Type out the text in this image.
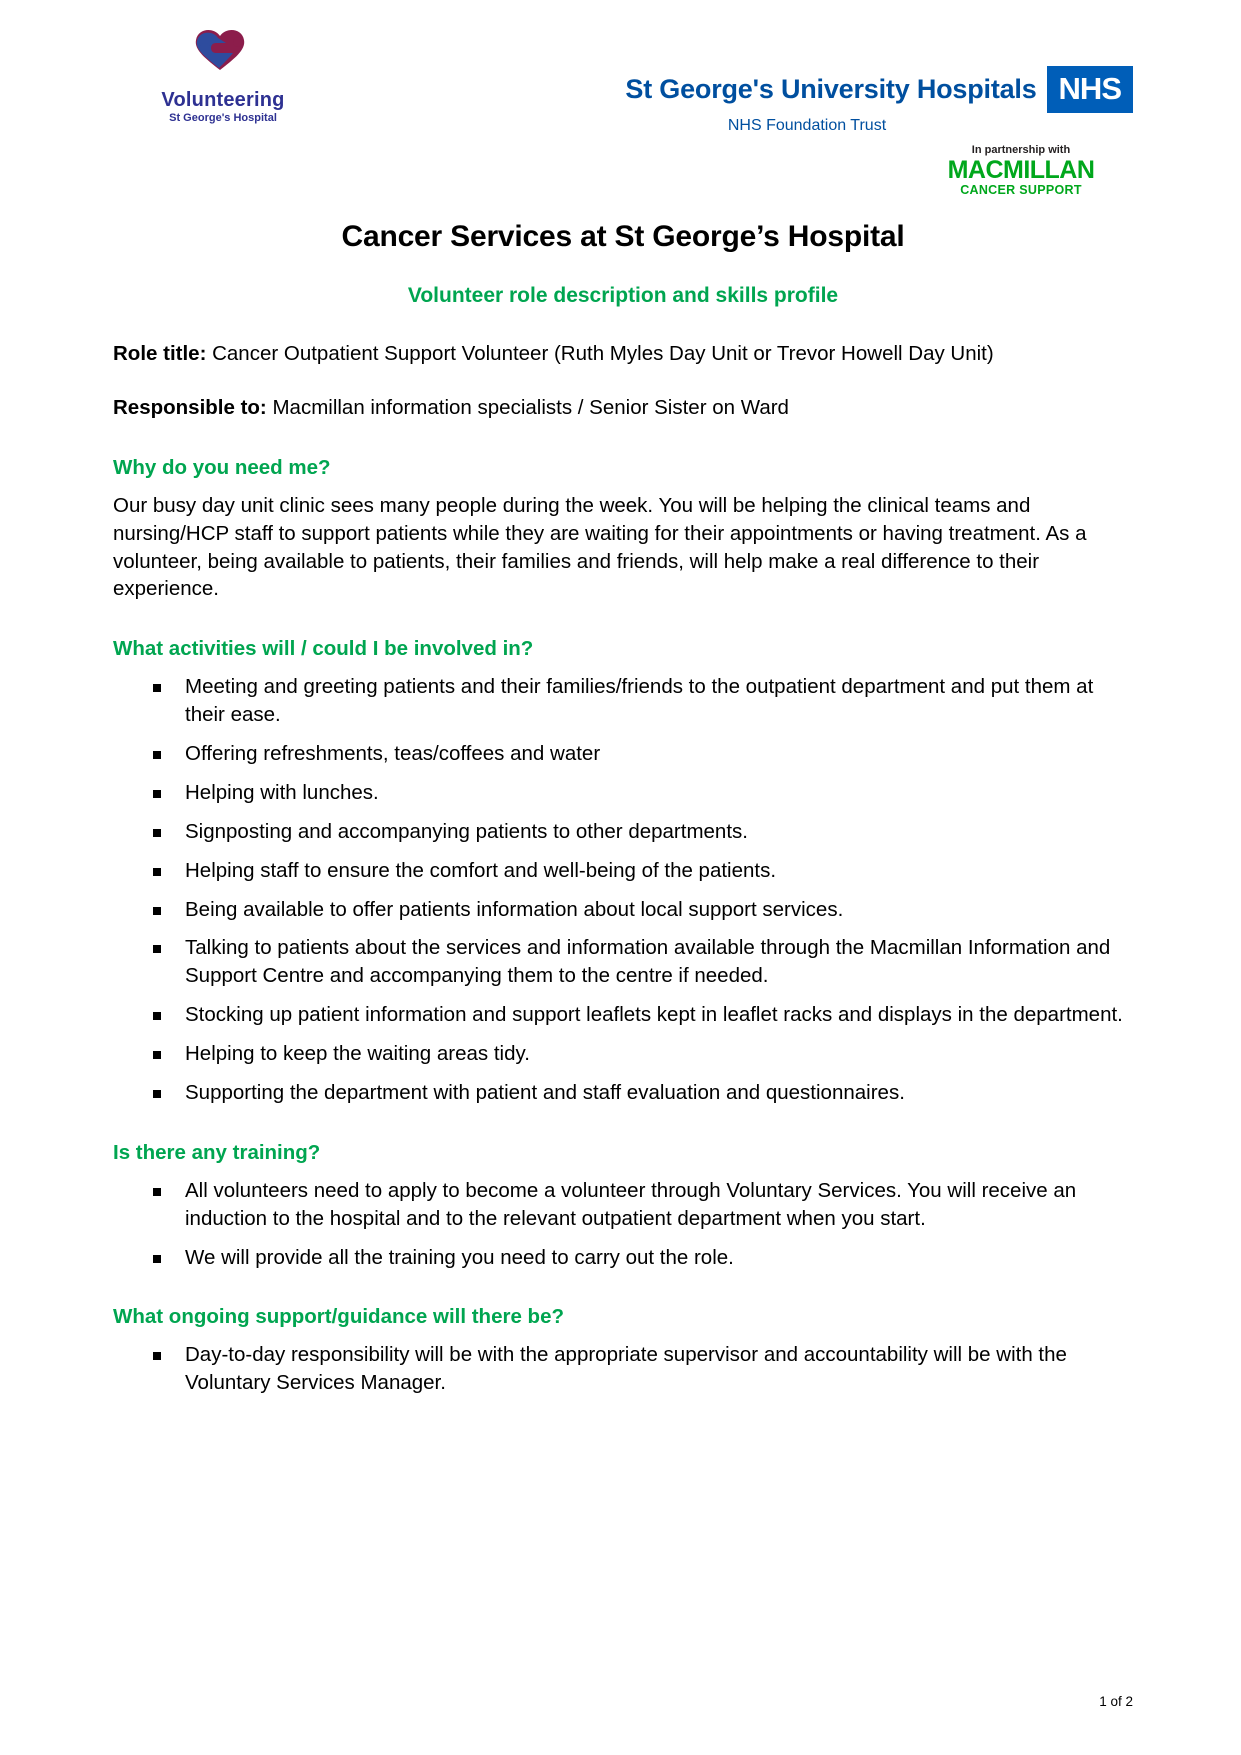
Volunteering
St George's Hospital
St George's University Hospitals NHS
NHS Foundation Trust
In partnership with
MACMILLAN
CANCER SUPPORT
Cancer Services at St George’s Hospital
Volunteer role description and skills profile
Role title: Cancer Outpatient Support Volunteer (Ruth Myles Day Unit or Trevor Howell Day Unit)
Responsible to: Macmillan information specialists / Senior Sister on Ward
Why do you need me?

Our busy day unit clinic sees many people during the week. You will be helping the clinical teams and nursing/HCP staff to support patients while they are waiting for their appointments or having treatment. As a volunteer, being available to patients, their families and friends, will help make a real difference to their experience.

What activities will / could I be involved in?
Meeting and greeting patients and their families/friends to the outpatient department and put them at their ease.
Offering refreshments, teas/coffees and water
Helping with lunches.
Signposting and accompanying patients to other departments.
Helping staff to ensure the comfort and well-being of the patients.
Being available to offer patients information about local support services.
Talking to patients about the services and information available through the Macmillan Information and Support Centre and accompanying them to the centre if needed.
Stocking up patient information and support leaflets kept in leaflet racks and displays in the department.
Helping to keep the waiting areas tidy.
Supporting the department with patient and staff evaluation and questionnaires.
Is there any training?
All volunteers need to apply to become a volunteer through Voluntary Services. You will receive an induction to the hospital and to the relevant outpatient department when you start.
We will provide all the training you need to carry out the role.
What ongoing support/guidance will there be?
Day-to-day responsibility will be with the appropriate supervisor and accountability will be with the Voluntary Services Manager.
1 of 2
